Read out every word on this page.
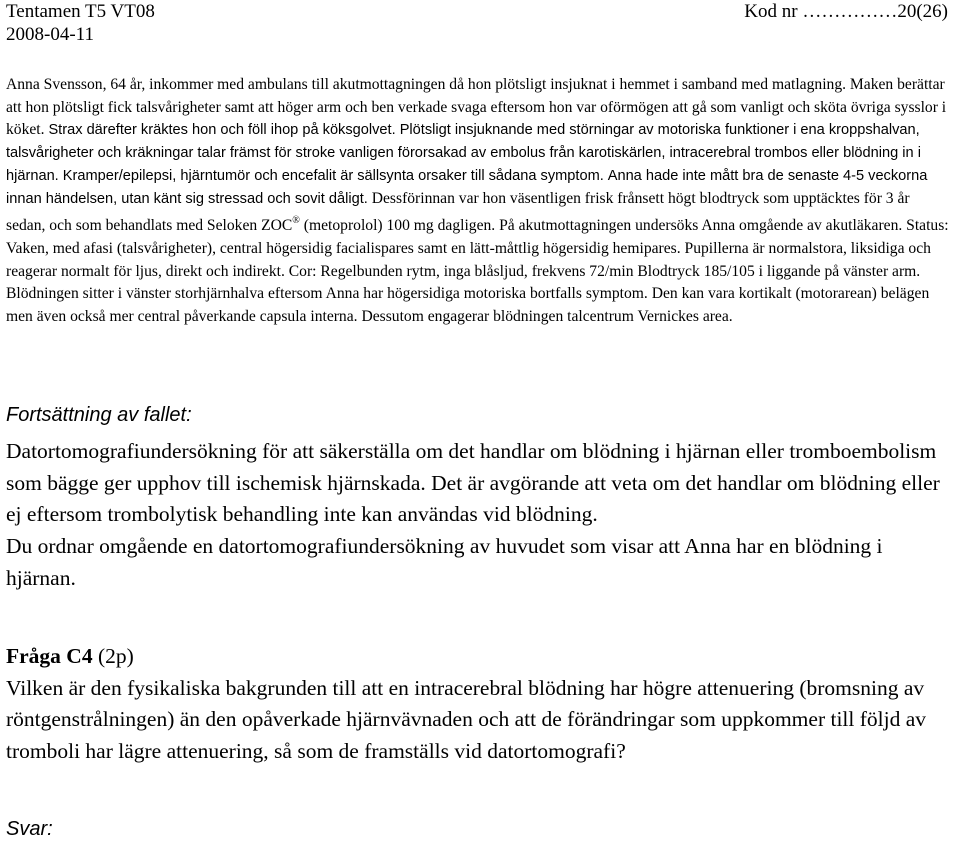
Tentamen T5 VT08	Kod nr ……………20(26)
2008-04-11
Anna Svensson, 64 år, inkommer med ambulans till akutmottagningen då hon plötsligt insjuknat i hemmet i samband med matlagning. Maken berättar att hon plötsligt fick talsvårigheter samt att höger arm och ben verkade svaga eftersom hon var oförmögen att gå som vanligt och sköta övriga sysslor i köket. Strax därefter kräktes hon och föll ihop på köksgolvet. Plötsligt insjuknande med störningar av motoriska funktioner i ena kroppshalvan, talsvårigheter och kräkningar talar främst för stroke vanligen förorsakad av embolus från karotiskärlen, intracerebral trombos eller blödning in i hjärnan. Kramper/epilepsi, hjärntumör och encefalit är sällsynta orsaker till sådana symptom. Anna hade inte mått bra de senaste 4-5 veckorna innan händelsen, utan känt sig stressad och sovit dåligt. Dessförinnan var hon väsentligen frisk frånsett högt blodtryck som upptäcktes för 3 år sedan, och som behandlats med Seloken ZOC® (metoprolol) 100 mg dagligen. På akutmottagningen undersöks Anna omgående av akutläkaren. Status: Vaken, med afasi (talsvårigheter), central högersidig facialispares samt en lätt-måttlig högersidig hemipares. Pupillerna är normalstora, liksidiga och reagerar normalt för ljus, direkt och indirekt. Cor: Regelbunden rytm, inga blåsljud, frekvens 72/min Blodtryck 185/105 i liggande på vänster arm. Blödningen sitter i vänster storhjärnhalva eftersom Anna har högersidiga motoriska bortfalls symptom. Den kan vara kortikalt (motorarean) belägen men även också mer central påverkande capsula interna. Dessutom engagerar blödningen talcentrum Vernickes area.
Fortsättning av fallet:

Datortomografiundersökning för att säkerställa om det handlar om blödning i hjärnan eller tromboembolism som bägge ger upphov till ischemisk hjärnskada. Det är avgörande att veta om det handlar om blödning eller ej eftersom trombolytisk behandling inte kan användas vid blödning.

Du ordnar omgående en datortomografiundersökning av huvudet som visar att Anna har en blödning i hjärnan.

Fråga C4 (2p)

Vilken är den fysikaliska bakgrunden till att en intracerebral blödning har högre attenuering (bromsning av röntgenstrålningen) än den opåverkade hjärnvävnaden och att de förändringar som uppkommer till följd av tromboli har lägre attenuering, så som de framställs vid datortomografi?

Svar:
